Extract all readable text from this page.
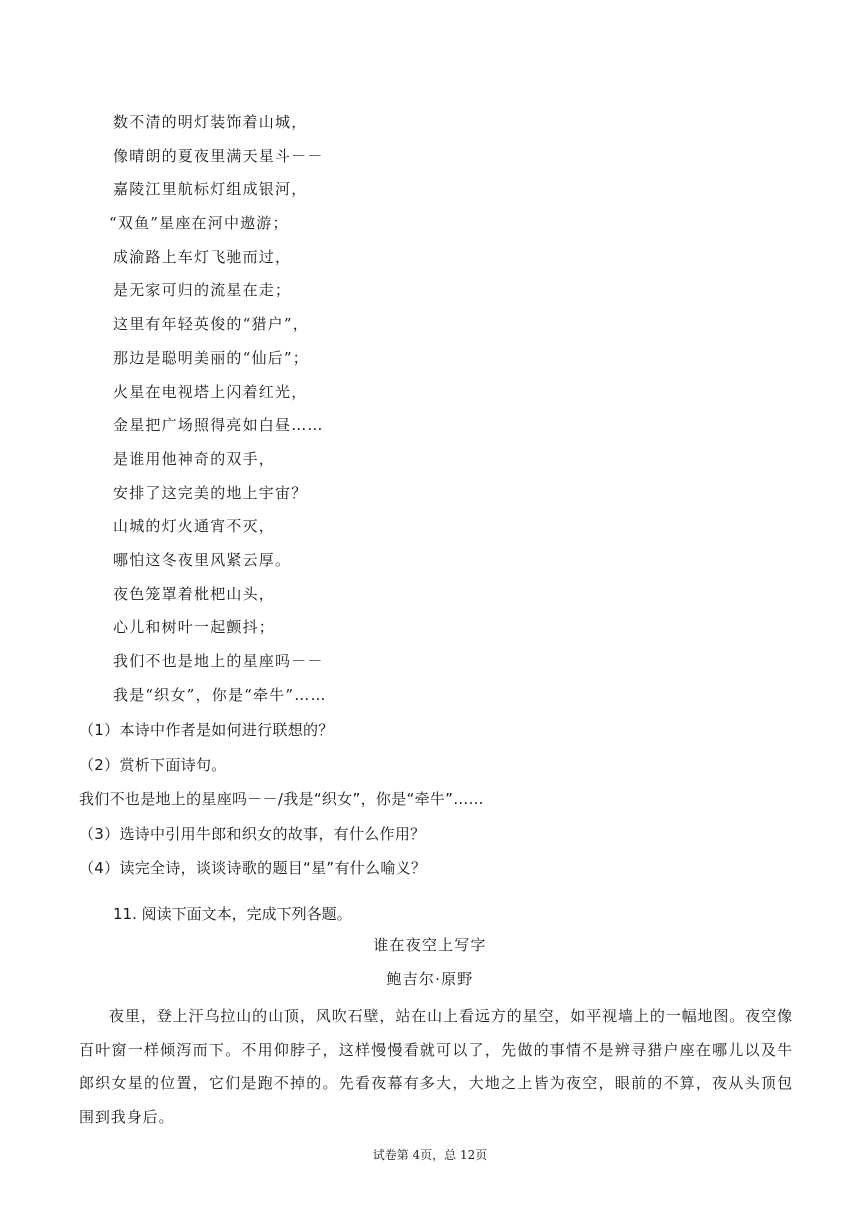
数不清的明灯装饰着山城，
像晴朗的夏夜里满天星斗－－
嘉陵江里航标灯组成银河，
“双鱼”星座在河中遨游；
成渝路上车灯飞驰而过，
是无家可归的流星在走；
这里有年轻英俊的“猎户”，
那边是聪明美丽的“仙后”；
火星在电视塔上闪着红光，
金星把广场照得亮如白昼……
是谁用他神奇的双手，
安排了这完美的地上宇宙？
山城的灯火通宵不灭，
哪怕这冬夜里风紧云厚。
夜色笼罩着枇杷山头，
心儿和树叶一起颤抖；
我们不也是地上的星座吗－－
我是“织女”，你是“牵牛”……
（1）本诗中作者是如何进行联想的？
（2）赏析下面诗句。
我们不也是地上的星座吗－－/我是“织女”，你是“牵牛”……
（3）选诗中引用牛郎和织女的故事，有什么作用？
（4）读完全诗，谈谈诗歌的题目“星”有什么喻义？
11. 阅读下面文本，完成下列各题。
谁在夜空上写字
鲍吉尔·原野

夜里，登上汗乌拉山的山顶，风吹石壁，站在山上看远方的星空，如平视墙上的一幅地图。夜空像百叶窗一样倾泻而下。不用仰脖子，这样慢慢看就可以了，先做的事情不是辨寻猎户座在哪儿以及牛郎织女星的位置，它们是跑不掉的。先看夜幕有多大，大地之上皆为夜空，眼前的不算，夜从头顶包围到我身后。

试卷第 4页，总 12页
